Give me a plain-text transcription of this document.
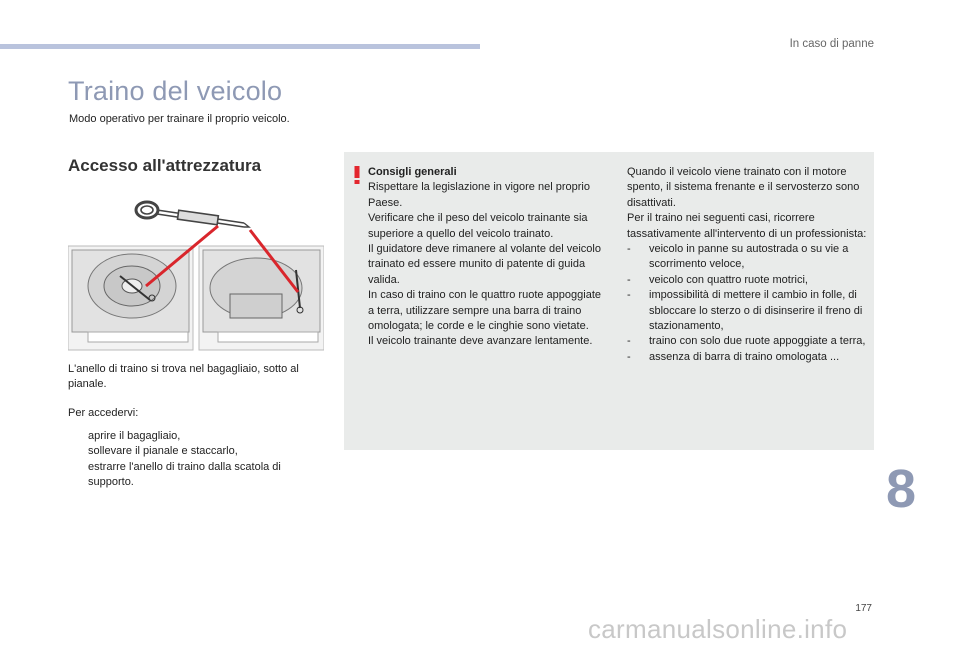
In caso di panne
Traino del veicolo
Modo operativo per trainare il proprio veicolo.
Accesso all'attrezzatura
L'anello di traino si trova nel bagagliaio, sotto al pianale.
Per accedervi:
aprire il bagagliaio,
sollevare il pianale e staccarlo,
estrarre l'anello di traino dalla scatola di supporto.
Consigli generali
Rispettare la legislazione in vigore nel proprio Paese.
Verificare che il peso del veicolo trainante sia superiore a quello del veicolo trainato.
Il guidatore deve rimanere al volante del veicolo trainato ed essere munito di patente di guida valida.
In caso di traino con le quattro ruote appoggiate a terra, utilizzare sempre una barra di traino omologata; le corde e le cinghie sono vietate.
Il veicolo trainante deve avanzare lentamente.
Quando il veicolo viene trainato con il motore spento, il sistema frenante e il servosterzo sono disattivati.
Per il traino nei seguenti casi, ricorrere tassativamente all'intervento di un professionista:
- veicolo in panne su autostrada o su vie a scorrimento veloce,
- veicolo con quattro ruote motrici,
- impossibilità di mettere il cambio in folle, di sbloccare lo sterzo o di disinserire il freno di stazionamento,
- traino con solo due ruote appoggiate a terra,
- assenza di barra di traino omologata ...
8
177
carmanualsonline.info
